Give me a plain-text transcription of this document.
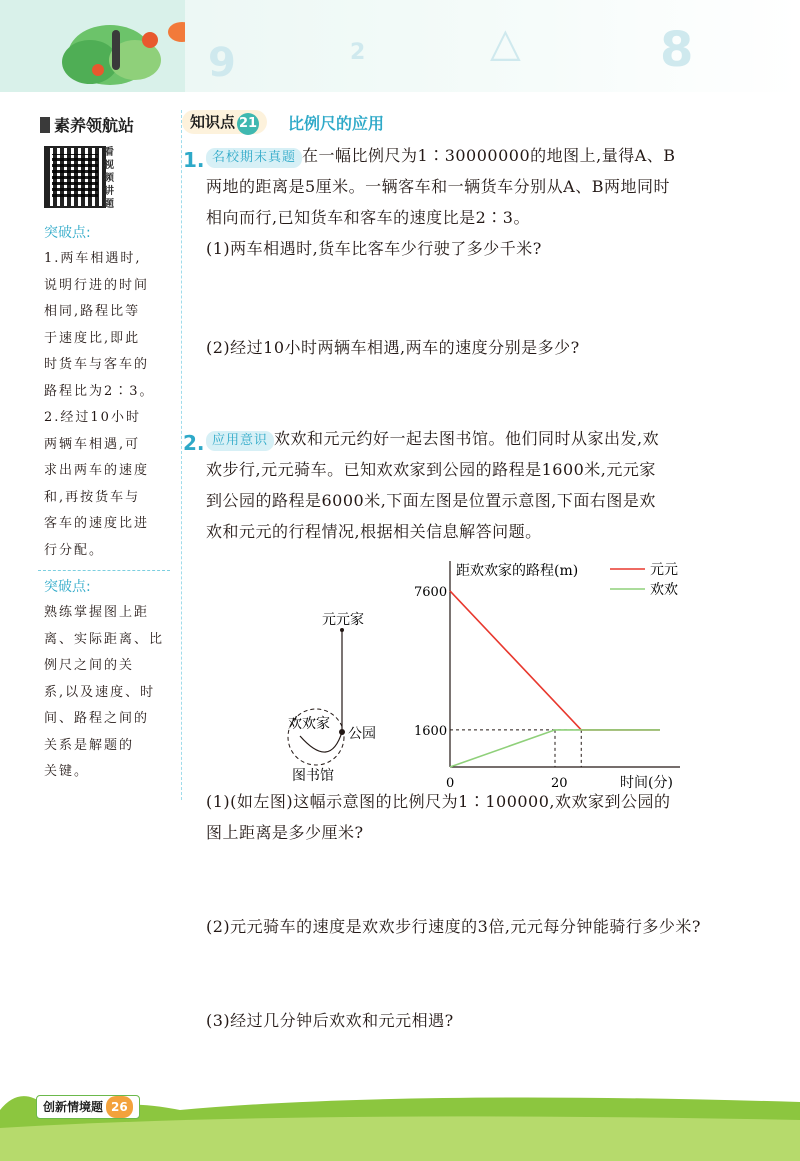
8
△
2
9
素养领航站
看视频讲题
突破点:
1.两车相遇时,
说明行进的时间
相同,路程比等
于速度比,即此
时货车与客车的
路程比为2∶3。
2.经过10小时
两辆车相遇,可
求出两车的速度
和,再按货车与
客车的速度比进
行分配。
突破点:
熟练掌握图上距
离、实际距离、比
例尺之间的关
系,以及速度、时
间、路程之间的
关系是解题的
关键。
知识点 21	比例尺的应用
1. 名校期末真题 在一幅比例尺为1∶30000000的地图上,量得A、B
两地的距离是5厘米。一辆客车和一辆货车分别从A、B两地同时
相向而行,已知货车和客车的速度比是2∶3。
(1)两车相遇时,货车比客车少行驶了多少千米?
(2)经过10小时两辆车相遇,两车的速度分别是多少?
2. 应用意识 欢欢和元元约好一起去图书馆。他们同时从家出发,欢
欢步行,元元骑车。已知欢欢家到公园的路程是1600米,元元家
到公园的路程是6000米,下面左图是位置示意图,下面右图是欢
欢和元元的行程情况,根据相关信息解答问题。
元元家
欢欢家
公园
图书馆
距欢欢家的路程(m)
时间(分)
7600
1600
0	20
元元
欢欢
(1)(如左图)这幅示意图的比例尺为1∶100000,欢欢家到公园的
图上距离是多少厘米?
(2)元元骑车的速度是欢欢步行速度的3倍,元元每分钟能骑行多少米?
(3)经过几分钟后欢欢和元元相遇?
创新情境题 26
